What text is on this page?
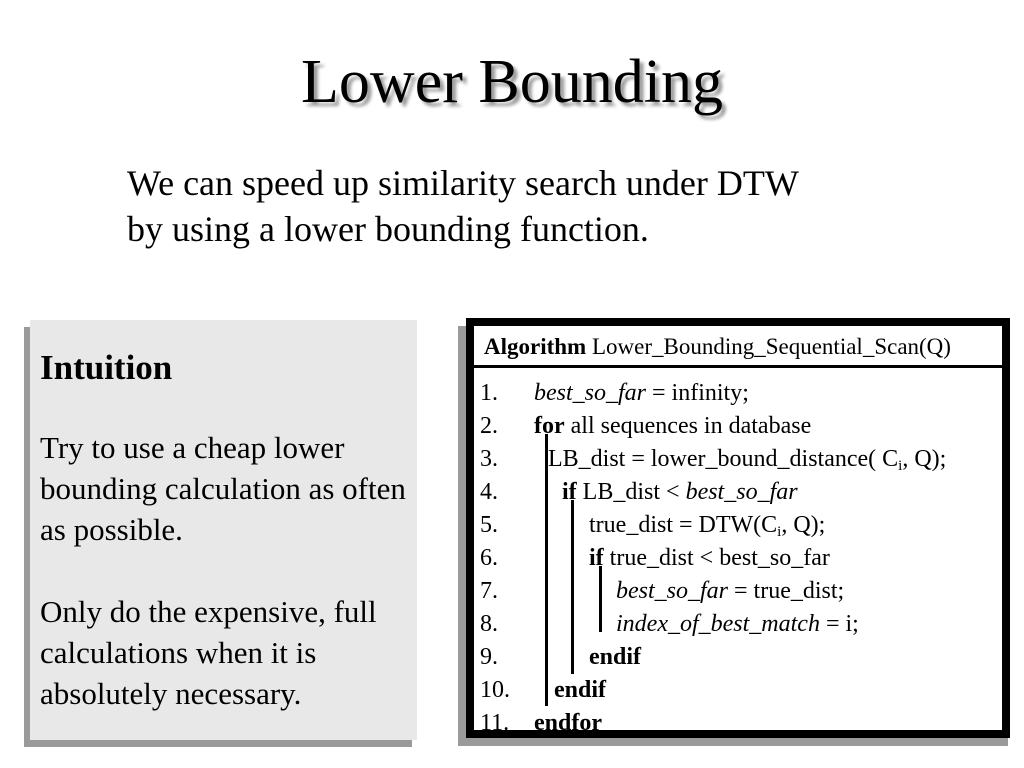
Lower Bounding
We can speed up similarity search under DTW
by using a lower bounding function.
Intuition

Try to use a cheap lower bounding calculation as often as possible.

Only do the expensive, full calculations when it is absolutely necessary.

Algorithm Lower_Bounding_Sequential_Scan(Q)
1. best_so_far = infinity;
2. for all sequences in database
3. LB_dist = lower_bound_distance( $C_i$, Q);
4.	if LB_dist < best_so_far
5.	true_dist = $DTW(C_i$, Q);
6.	if true_dist < best_so_far
7.	best_so_far = true_dist;
8.	index_of_best_match = i;
9.	endif
10. endif
11. endfor
